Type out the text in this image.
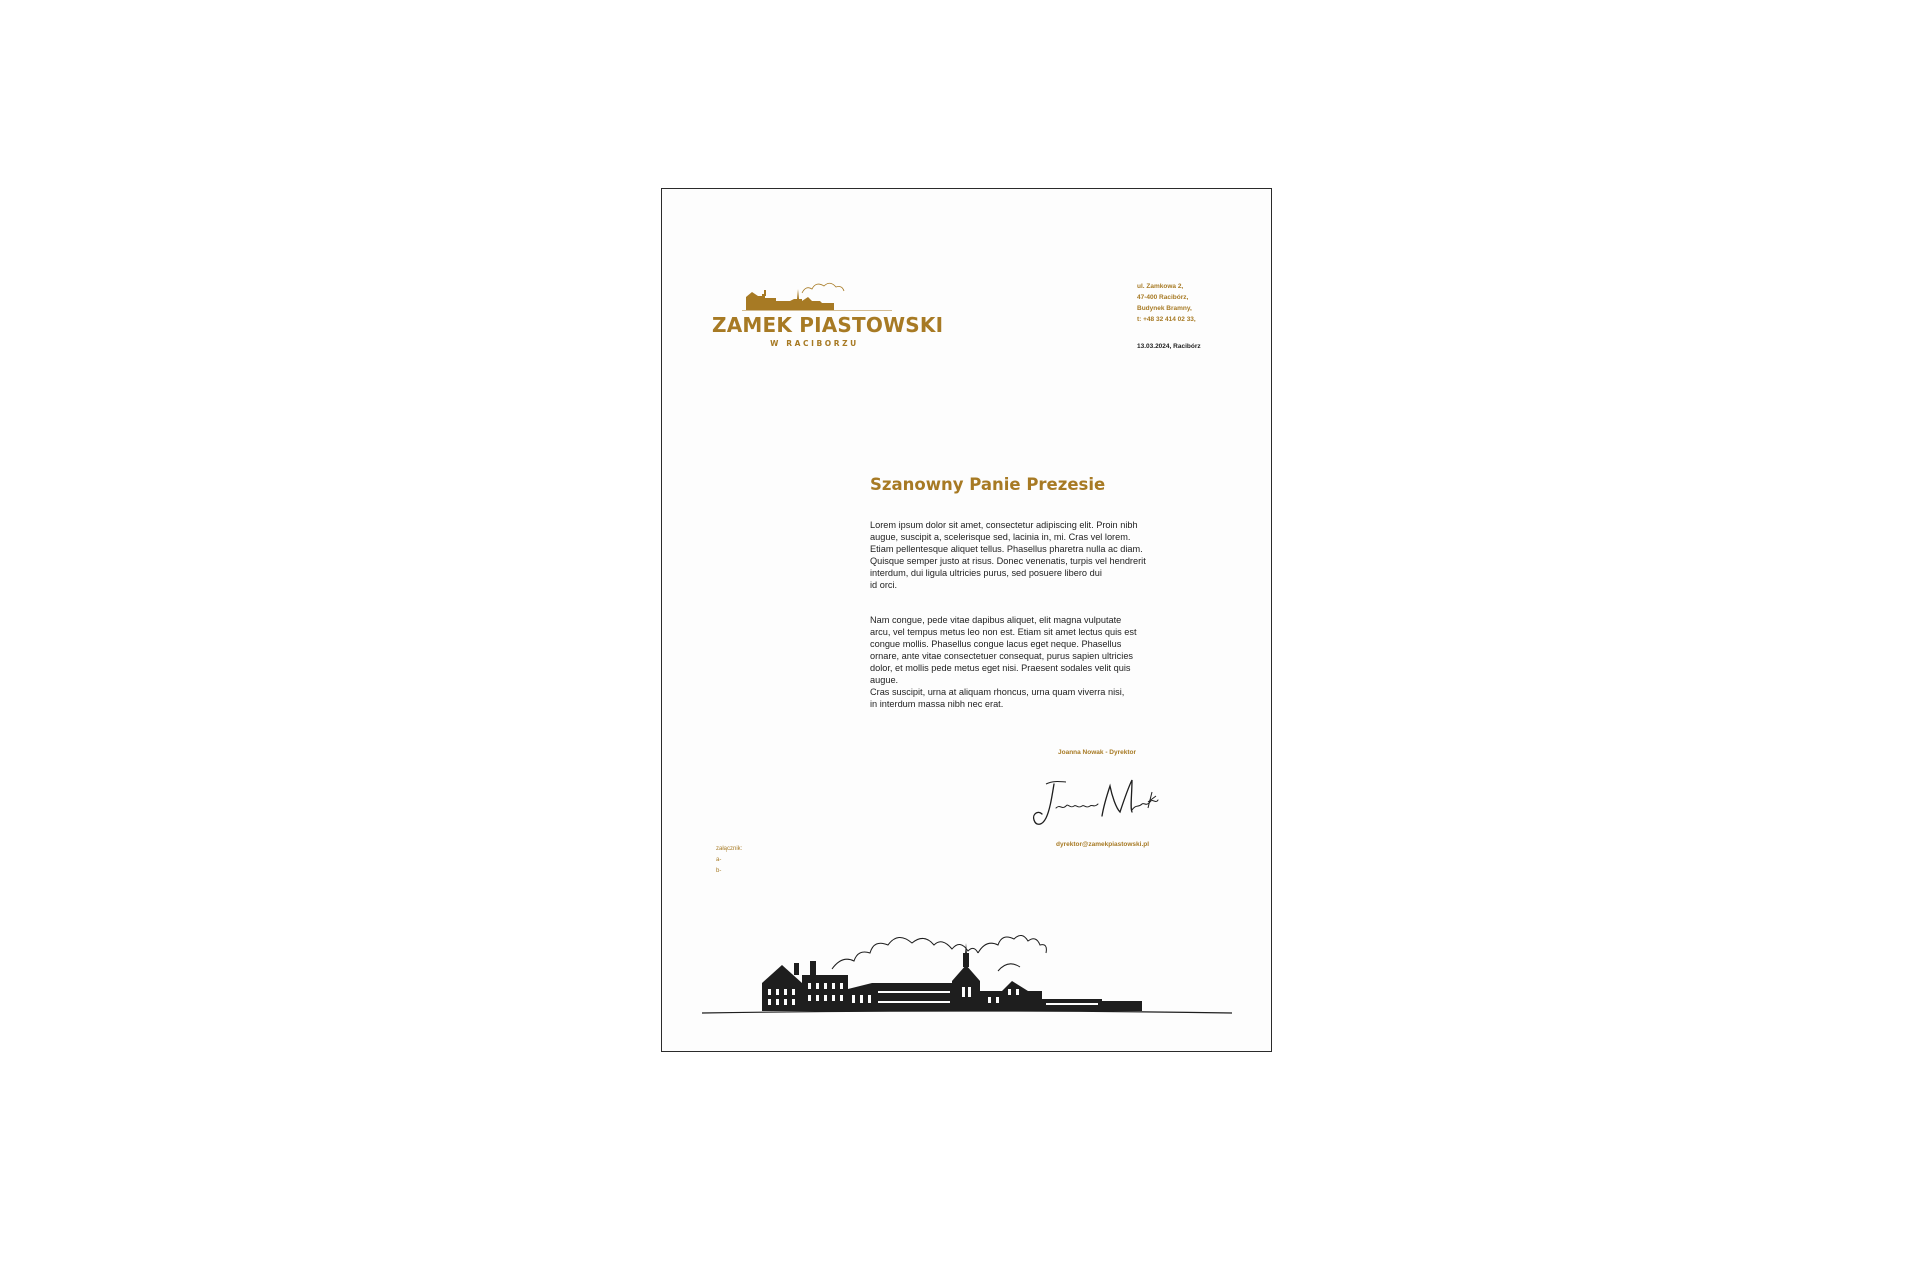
ZAMEK PIASTOWSKI
W RACIBORZU
ul. Zamkowa 2,
47-400 Racibórz,
Budynek Bramny,
t: +48 32 414 02 33,
13.03.2024, Racibórz
Szanowny Panie Prezesie
Lorem ipsum dolor sit amet, consectetur adipiscing elit. Proin nibh
augue, suscipit a, scelerisque sed, lacinia in, mi. Cras vel lorem.
Etiam pellentesque aliquet tellus. Phasellus pharetra nulla ac diam.
Quisque semper justo at risus. Donec venenatis, turpis vel hendrerit
interdum, dui ligula ultricies purus, sed posuere libero dui
id orci.
Nam congue, pede vitae dapibus aliquet, elit magna vulputate
arcu, vel tempus metus leo non est. Etiam sit amet lectus quis est
congue mollis. Phasellus congue lacus eget neque. Phasellus
ornare, ante vitae consectetuer consequat, purus sapien ultricies
dolor, et mollis pede metus eget nisi. Praesent sodales velit quis
augue.
Cras suscipit, urna at aliquam rhoncus, urna quam viverra nisi,
in interdum massa nibh nec erat.
Joanna Nowak - Dyrektor
dyrektor@zamekpiastowski.pl
załącznik:
a-
b-
